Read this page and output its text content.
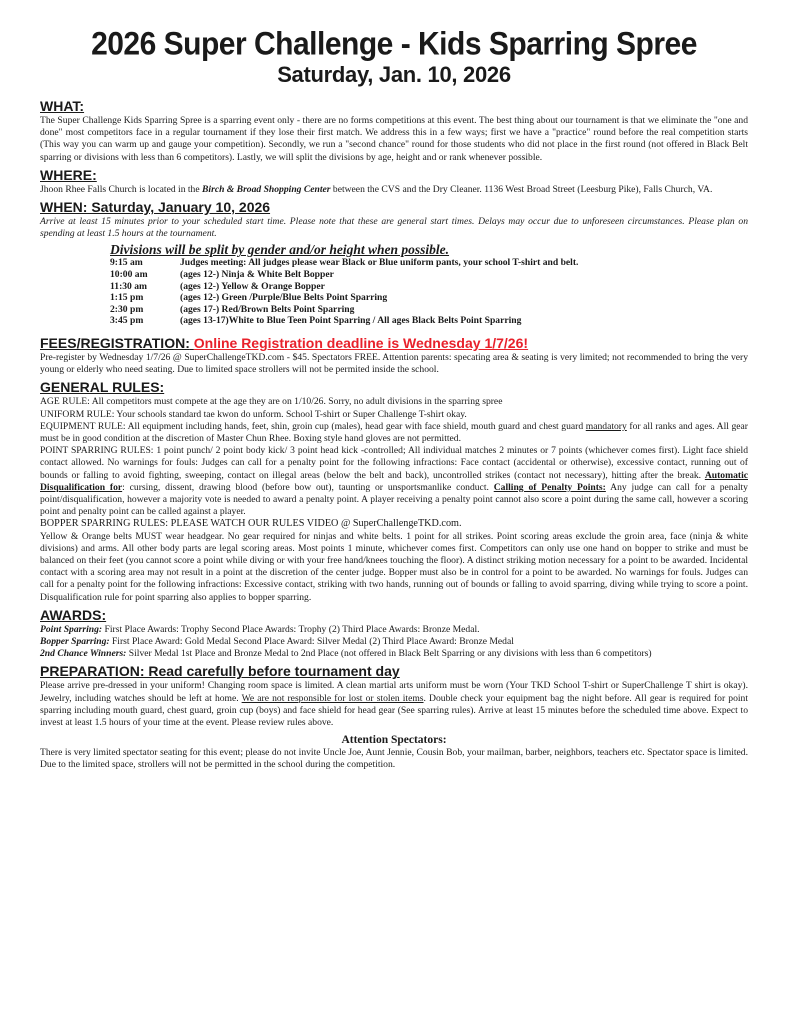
2026 Super Challenge - Kids Sparring Spree
Saturday, Jan. 10, 2026
WHAT:

The Super Challenge Kids Sparring Spree is a sparring event only - there are no forms competitions at this event. The best thing about our tournament is that we eliminate the "one and done" most competitors face in a regular tournament if they lose their first match. We address this in a few ways; first we have a "practice" round before the real competition starts (This way you can warm up and gauge your competition). Secondly, we run a "second chance" round for those students who did not place in the first round (not offered in Black Belt sparring or divisions with less than 6 competitors). Lastly, we will split the divisions by age, height and or rank whenever possible.

WHERE:

Jhoon Rhee Falls Church is located in the Birch & Broad Shopping Center between the CVS and the Dry Cleaner. 1136 West Broad Street (Leesburg Pike), Falls Church, VA.

WHEN: Saturday, January 10, 2026

Arrive at least 15 minutes prior to your scheduled start time. Please note that these are general start times. Delays may occur due to unforeseen circumstances. Please plan on spending at least 1.5 hours at the tournament.

Divisions will be split by gender and/or height when possible.
9:15 am	Judges meeting: All judges please wear Black or Blue uniform pants, your school T-shirt and belt.
10:00 am	(ages 12-) Ninja & White Belt Bopper
11:30 am	(ages 12-) Yellow & Orange Bopper
1:15 pm	(ages 12-) Green /Purple/Blue Belts Point Sparring
2:30 pm	(ages 17-) Red/Brown Belts Point Sparring
3:45 pm	(ages 13-17)White to Blue Teen Point Sparring / All ages Black Belts Point Sparring
FEES/REGISTRATION: Online Registration deadline is Wednesday 1/7/26!

Pre-register by Wednesday 1/7/26 @ SuperChallengeTKD.com - $45. Spectators FREE. Attention parents: specating area & seating is very limited; not recommended to bring the very young or elderly who need seating. Due to limited space strollers will not be permited inside the school.

GENERAL RULES:

AGE RULE: All competitors must compete at the age they are on 1/10/26. Sorry, no adult divisions in the sparring spree

UNIFORM RULE: Your schools standard tae kwon do unform. School T-shirt or Super Challenge T-shirt okay.

EQUIPMENT RULE: All equipment including hands, feet, shin, groin cup (males), head gear with face shield, mouth guard and chest guard mandatory for all ranks and ages. All gear must be in good condition at the discretion of Master Chun Rhee. Boxing style hand gloves are not permitted.

POINT SPARRING RULES: 1 point punch/ 2 point body kick/ 3 point head kick -controlled; All individual matches 2 minutes or 7 points (whichever comes first). Light face shield contact allowed. No warnings for fouls: Judges can call for a penalty point for the following infractions: Face contact (accidental or otherwise), excessive contact, running out of bounds or falling to avoid fighting, sweeping, contact on illegal areas (below the belt and back), uncontrolled strikes (contact not necessary), hitting after the break. Automatic Disqualification for: cursing, dissent, drawing blood (before bow out), taunting or unsportsmanlike conduct. Calling of Penalty Points: Any judge can call for a penalty point/disqualification, however a majority vote is needed to award a penalty point. A player receiving a penalty point cannot also score a point during the same call, however a scoring point and penalty point can be called against a player.

BOPPER SPARRING RULES: PLEASE WATCH OUR RULES VIDEO @ SuperChallengeTKD.com.

Yellow & Orange belts MUST wear headgear. No gear required for ninjas and white belts. 1 point for all strikes. Point scoring areas exclude the groin area, face (ninja & white divisions) and arms. All other body parts are legal scoring areas. Most points 1 minute, whichever comes first. Competitors can only use one hand on bopper to strike and must be balanced on their feet (you cannot score a point while diving or with your free hand/knees touching the floor). A distinct striking motion necessary for a point to be awarded. Incidental contact with a scoring area may not result in a point at the discretion of the center judge. Bopper must also be in control for a point to be awarded. No warnings for fouls. Judges can call for a penalty point for the following infractions: Excessive contact, striking with two hands, running out of bounds or falling to avoid sparring, diving while trying to score a point. Disqualification rule for point sparring also applies to bopper sparring.

AWARDS:

Point Sparring: First Place Awards: Trophy Second Place Awards: Trophy (2) Third Place Awards: Bronze Medal.

Bopper Sparring: First Place Award: Gold Medal Second Place Award: Silver Medal (2) Third Place Award: Bronze Medal

2nd Chance Winners: Silver Medal 1st Place and Bronze Medal to 2nd Place (not offered in Black Belt Sparring or any divisions with less than 6 competitors)

PREPARATION: Read carefully before tournament day

Please arrive pre-dressed in your uniform! Changing room space is limited. A clean martial arts uniform must be worn (Your TKD School T-shirt or SuperChallenge T shirt is okay). Jewelry, including watches should be left at home. We are not responsible for lost or stolen items. Double check your equipment bag the night before. All gear is required for point sparring including mouth guard, chest guard, groin cup (boys) and face shield for head gear (See sparring rules). Arrive at least 15 minutes before the scheduled time above. Expect to invest at least 1.5 hours of your time at the event. Please review rules above.

Attention Spectators:

There is very limited spectator seating for this event; please do not invite Uncle Joe, Aunt Jennie, Cousin Bob, your mailman, barber, neighbors, teachers etc. Spectator space is limited. Due to the limited space, strollers will not be permitted in the school during the competition.
